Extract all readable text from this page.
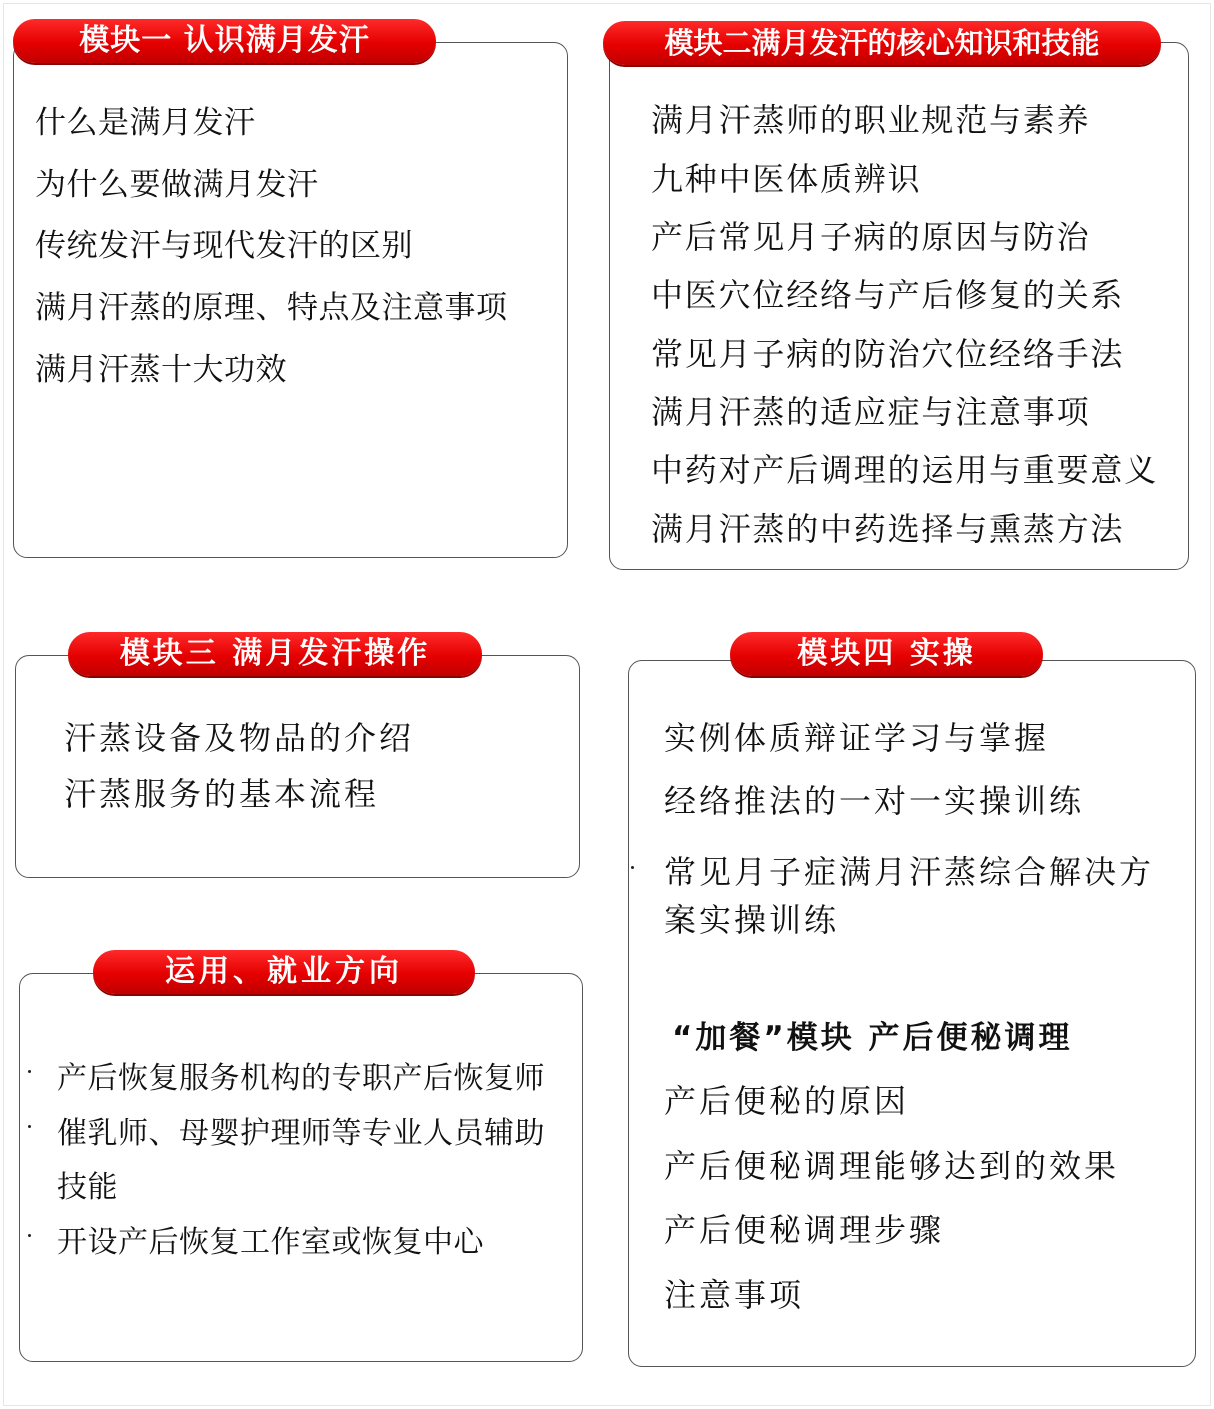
模块一 认识满月发汗
什么是满月发汗
为什么要做满月发汗
传统发汗与现代发汗的区别
满月汗蒸的原理、特点及注意事项
满月汗蒸十大功效
模块二满月发汗的核心知识和技能
满月汗蒸师的职业规范与素养
九种中医体质辨识
产后常见月子病的原因与防治
中医穴位经络与产后修复的关系
常见月子病的防治穴位经络手法
满月汗蒸的适应症与注意事项
中药对产后调理的运用与重要意义
满月汗蒸的中药选择与熏蒸方法
模块三 满月发汗操作
汗蒸设备及物品的介绍
汗蒸服务的基本流程
模块四 实操
实例体质辩证学习与掌握
经络推法的一对一实操训练
常见月子症满月汗蒸综合解决方
案实操训练
“加餐”模块 产后便秘调理
产后便秘的原因
产后便秘调理能够达到的效果
产后便秘调理步骤
注意事项
运用、就业方向
产后恢复服务机构的专职产后恢复师
催乳师、母婴护理师等专业人员辅助
技能
开设产后恢复工作室或恢复中心
